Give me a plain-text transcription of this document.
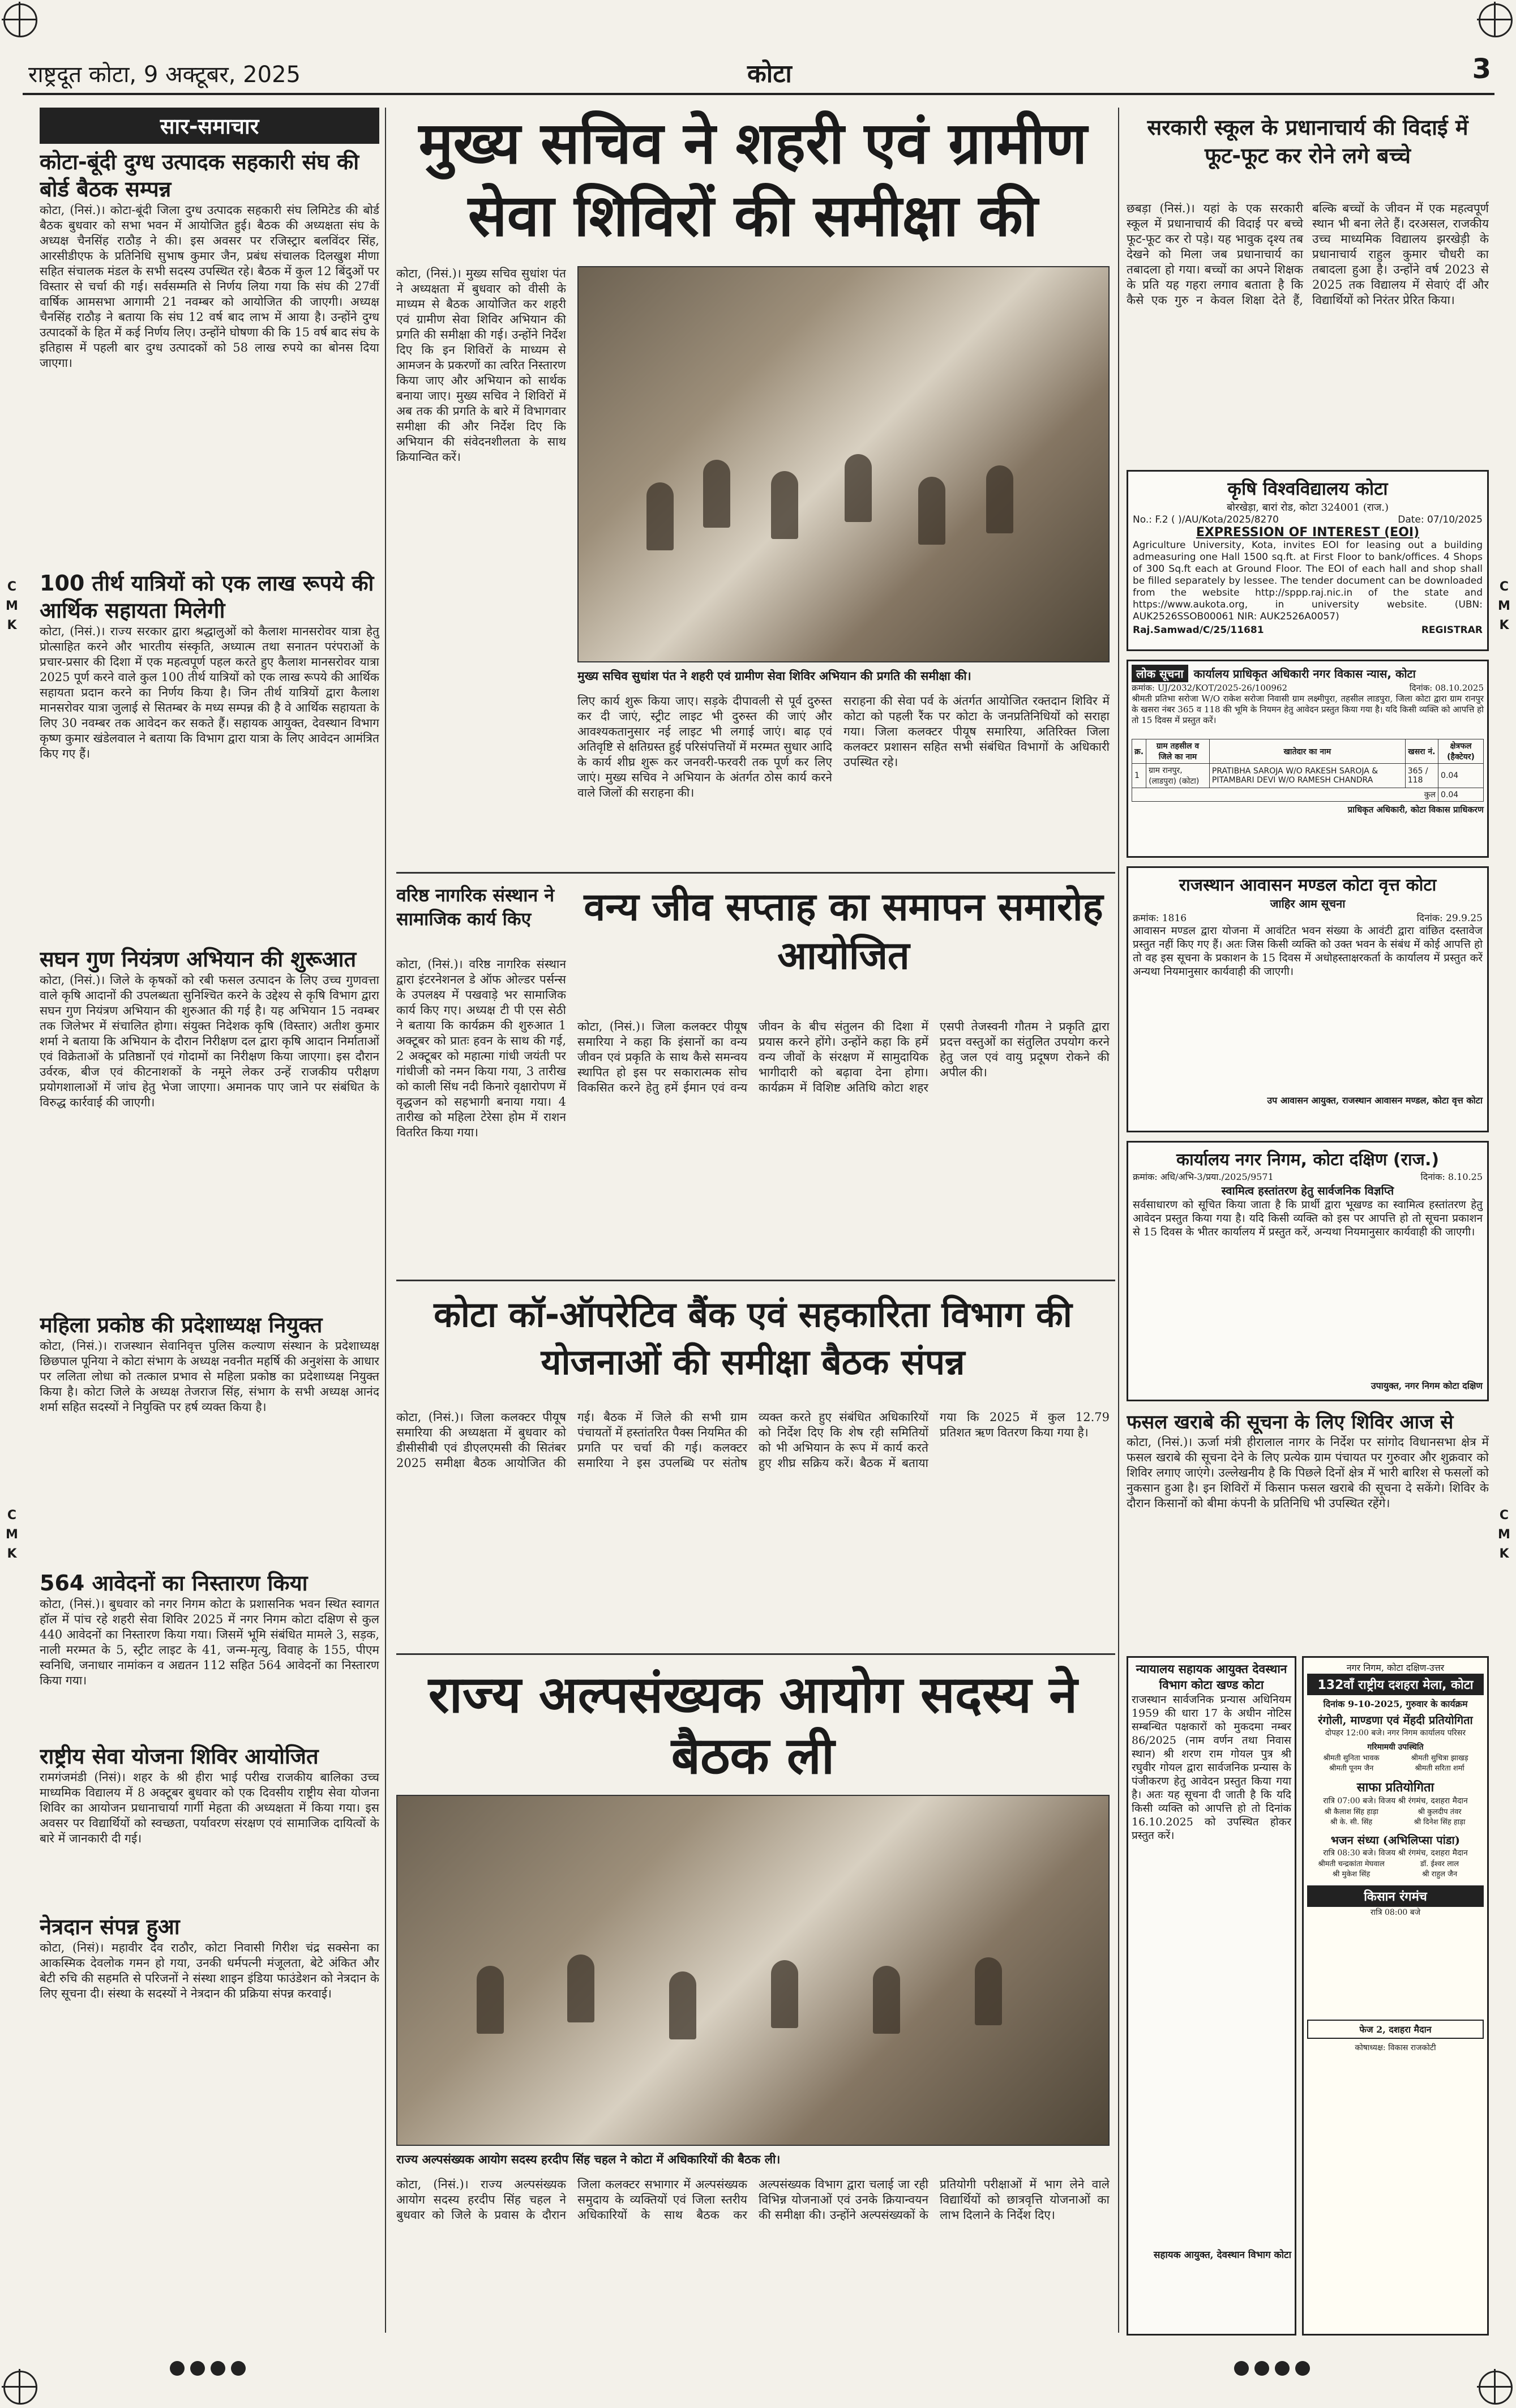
C
M
K
C
M
K
C
M
K
C
M
K
राष्ट्रदूत कोटा, 9 अक्टूबर, 2025	कोटा	3
सार-समाचार
कोटा-बूंदी दुग्ध उत्पादक सहकारी संघ की बोर्ड बैठक सम्पन्न
कोटा, (निसं.)। कोटा-बूंदी जिला दुग्ध उत्पादक सहकारी संघ लिमिटेड की बोर्ड बैठक बुधवार को सभा भवन में आयोजित हुई। बैठक की अध्यक्षता संघ के अध्यक्ष चैनसिंह राठौड़ ने की। इस अवसर पर रजिस्ट्रार बलविंदर सिंह, आरसीडीएफ के प्रतिनिधि सुभाष कुमार जैन, प्रबंध संचालक दिलखुश मीणा सहित संचालक मंडल के सभी सदस्य उपस्थित रहे। बैठक में कुल 12 बिंदुओं पर विस्तार से चर्चा की गई। सर्वसम्मति से निर्णय लिया गया कि संघ की 27वीं वार्षिक आमसभा आगामी 21 नवम्बर को आयोजित की जाएगी। अध्यक्ष चैनसिंह राठौड़ ने बताया कि संघ 12 वर्ष बाद लाभ में आया है। उन्होंने दुग्ध उत्पादकों के हित में कई निर्णय लिए। उन्होंने घोषणा की कि 15 वर्ष बाद संघ के इतिहास में पहली बार दुग्ध उत्पादकों को 58 लाख रुपये का बोनस दिया जाएगा।
100 तीर्थ यात्रियों को एक लाख रूपये की आर्थिक सहायता मिलेगी
कोटा, (निसं.)। राज्य सरकार द्वारा श्रद्धालुओं को कैलाश मानसरोवर यात्रा हेतु प्रोत्साहित करने और भारतीय संस्कृति, अध्यात्म तथा सनातन परंपराओं के प्रचार-प्रसार की दिशा में एक महत्वपूर्ण पहल करते हुए कैलाश मानसरोवर यात्रा 2025 पूर्ण करने वाले कुल 100 तीर्थ यात्रियों को एक लाख रूपये की आर्थिक सहायता प्रदान करने का निर्णय किया है। जिन तीर्थ यात्रियों द्वारा कैलाश मानसरोवर यात्रा जुलाई से सितम्बर के मध्य सम्पन्न की है वे आर्थिक सहायता के लिए 30 नवम्बर तक आवेदन कर सकते हैं। सहायक आयुक्त, देवस्थान विभाग कृष्ण कुमार खंडेलवाल ने बताया कि विभाग द्वारा यात्रा के लिए आवेदन आमंत्रित किए गए हैं।
सघन गुण नियंत्रण अभियान की शुरूआत
कोटा, (निसं.)। जिले के कृषकों को रबी फसल उत्पादन के लिए उच्च गुणवत्ता वाले कृषि आदानों की उपलब्धता सुनिश्चित करने के उद्देश्य से कृषि विभाग द्वारा सघन गुण नियंत्रण अभियान की शुरुआत की गई है। यह अभियान 15 नवम्बर तक जिलेभर में संचालित होगा। संयुक्त निदेशक कृषि (विस्तार) अतीश कुमार शर्मा ने बताया कि अभियान के दौरान निरीक्षण दल द्वारा कृषि आदान निर्माताओं एवं विक्रेताओं के प्रतिष्ठानों एवं गोदामों का निरीक्षण किया जाएगा। इस दौरान उर्वरक, बीज एवं कीटनाशकों के नमूने लेकर उन्हें राजकीय परीक्षण प्रयोगशालाओं में जांच हेतु भेजा जाएगा। अमानक पाए जाने पर संबंधित के विरुद्ध कार्रवाई की जाएगी।
महिला प्रकोष्ठ की प्रदेशाध्यक्ष नियुक्त
कोटा, (निसं.)। राजस्थान सेवानिवृत्त पुलिस कल्याण संस्थान के प्रदेशाध्यक्ष छिछपाल पूनिया ने कोटा संभाग के अध्यक्ष नवनीत महर्षि की अनुशंसा के आधार पर ललिता लोधा को तत्काल प्रभाव से महिला प्रकोष्ठ का प्रदेशाध्यक्ष नियुक्त किया है। कोटा जिले के अध्यक्ष तेजराज सिंह, संभाग के सभी अध्यक्ष आनंद शर्मा सहित सदस्यों ने नियुक्ति पर हर्ष व्यक्त किया है।
564 आवेदनों का निस्तारण किया
कोटा, (निसं.)। बुधवार को नगर निगम कोटा के प्रशासनिक भवन स्थित स्वागत हॉल में पांच रहे शहरी सेवा शिविर 2025 में नगर निगम कोटा दक्षिण से कुल 440 आवेदनों का निस्तारण किया गया। जिसमें भूमि संबंधित मामले 3, सड़क, नाली मरम्मत के 5, स्ट्रीट लाइट के 41, जन्म-मृत्यु, विवाह के 155, पीएम स्वनिधि, जनाधार नामांकन व अद्यतन 112 सहित 564 आवेदनों का निस्तारण किया गया।
राष्ट्रीय सेवा योजना शिविर आयोजित
रामगंजमंडी (निसं)। शहर के श्री हीरा भाई परीख राजकीय बालिका उच्च माध्यमिक विद्यालय में 8 अक्टूबर बुधवार को एक दिवसीय राष्ट्रीय सेवा योजना शिविर का आयोजन प्रधानाचार्या गार्गी मेहता की अध्यक्षता में किया गया। इस अवसर पर विद्यार्थियों को स्वच्छता, पर्यावरण संरक्षण एवं सामाजिक दायित्वों के बारे में जानकारी दी गई।
नेत्रदान संपन्न हुआ
कोटा, (निसं)। महावीर देव राठौर, कोटा निवासी गिरीश चंद्र सक्सेना का आकस्मिक देवलोक गमन हो गया, उनकी धर्मपत्नी मंजूलता, बेटे अंकित और बेटी रुचि की सहमति से परिजनों ने संस्था शाइन इंडिया फाउंडेशन को नेत्रदान के लिए सूचना दी। संस्था के सदस्यों ने नेत्रदान की प्रक्रिया संपन्न करवाई।
मुख्य सचिव ने शहरी एवं ग्रामीण सेवा शिविरों की समीक्षा की
कोटा, (निसं.)। मुख्य सचिव सुधांश पंत ने अध्यक्षता में बुधवार को वीसी के माध्यम से बैठक आयोजित कर शहरी एवं ग्रामीण सेवा शिविर अभियान की प्रगति की समीक्षा की गई। उन्होंने निर्देश दिए कि इन शिविरों के माध्यम से आमजन के प्रकरणों का त्वरित निस्तारण किया जाए और अभियान को सार्थक बनाया जाए। मुख्य सचिव ने शिविरों में अब तक की प्रगति के बारे में विभागवार समीक्षा की और निर्देश दिए कि अभियान की संवेदनशीलता के साथ क्रियान्वित करें।
मुख्य सचिव सुधांश पंत ने शहरी एवं ग्रामीण सेवा शिविर अभियान की प्रगति की समीक्षा की।
लिए कार्य शुरू किया जाए। सड़के दीपावली से पूर्व दुरुस्त कर दी जाएं, स्ट्रीट लाइट भी दुरुस्त की जाएं और आवश्यकतानुसार नई लाइट भी लगाई जाएं। बाढ़ एवं अतिवृष्टि से क्षतिग्रस्त हुई परिसंपत्तियों में मरम्मत सुधार आदि के कार्य शीघ्र शुरू कर जनवरी-फरवरी तक पूर्ण कर लिए जाएं। मुख्य सचिव ने अभियान के अंतर्गत ठोस कार्य करने वाले जिलों की सराहना की।
सराहना की सेवा पर्व के अंतर्गत आयोजित रक्तदान शिविर में कोटा को पहली रैंक पर कोटा के जनप्रतिनिधियों को सराहा गया। जिला कलक्टर पीयूष समारिया, अतिरिक्त जिला कलक्टर प्रशासन सहित सभी संबंधित विभागों के अधिकारी उपस्थित रहे।
वरिष्ठ नागरिक संस्थान ने सामाजिक कार्य किए
कोटा, (निसं.)। वरिष्ठ नागरिक संस्थान द्वारा इंटरनेशनल डे ऑफ ओल्डर पर्सन्स के उपलक्ष्य में पखवाड़े भर सामाजिक कार्य किए गए। अध्यक्ष टी पी एस सेठी ने बताया कि कार्यक्रम की शुरुआत 1 अक्टूबर को प्रातः हवन के साथ की गई, 2 अक्टूबर को महात्मा गांधी जयंती पर गांधीजी को नमन किया गया, 3 तारीख को काली सिंध नदी किनारे वृक्षारोपण में वृद्धजन को सहभागी बनाया गया। 4 तारीख को महिला टेरेसा होम में राशन वितरित किया गया।
वन्य जीव सप्ताह का समापन समारोह आयोजित
कोटा, (निसं.)। जिला कलक्टर पीयूष समारिया ने कहा कि इंसानों का वन्य जीवन एवं प्रकृति के साथ कैसे समन्वय स्थापित हो इस पर सकारात्मक सोच विकसित करने हेतु हमें ईमान एवं वन्य जीवन के बीच संतुलन की दिशा में प्रयास करने होंगे। उन्होंने कहा कि हमें वन्य जीवों के संरक्षण में सामुदायिक भागीदारी को बढ़ावा देना होगा। कार्यक्रम में विशिष्ट अतिथि कोटा शहर एसपी तेजस्वनी गौतम ने प्रकृति द्वारा प्रदत्त वस्तुओं का संतुलित उपयोग करने हेतु जल एवं वायु प्रदूषण रोकने की अपील की।
कोटा कॉ-ऑपरेटिव बैंक एवं सहकारिता विभाग की योजनाओं की समीक्षा बैठक संपन्न
कोटा, (निसं.)। जिला कलक्टर पीयूष समारिया की अध्यक्षता में बुधवार को डीसीसीबी एवं डीएलएमसी की सितंबर 2025 समीक्षा बैठक आयोजित की गई। बैठक में जिले की सभी ग्राम पंचायतों में हस्तांतरित पैक्स नियमित की प्रगति पर चर्चा की गई। कलक्टर समारिया ने इस उपलब्धि पर संतोष व्यक्त करते हुए संबंधित अधिकारियों को निर्देश दिए कि शेष रही समितियों को भी अभियान के रूप में कार्य करते हुए शीघ्र सक्रिय करें। बैठक में बताया गया कि 2025 में कुल 12.79 प्रतिशत ऋण वितरण किया गया है।
राज्य अल्पसंख्यक आयोग सदस्य ने बैठक ली
राज्य अल्पसंख्यक आयोग सदस्य हरदीप सिंह चहल ने कोटा में अधिकारियों की बैठक ली।
कोटा, (निसं.)। राज्य अल्पसंख्यक आयोग सदस्य हरदीप सिंह चहल ने बुधवार को जिले के प्रवास के दौरान जिला कलक्टर सभागार में अल्पसंख्यक समुदाय के व्यक्तियों एवं जिला स्तरीय अधिकारियों के साथ बैठक कर अल्पसंख्यक विभाग द्वारा चलाई जा रही विभिन्न योजनाओं एवं उनके क्रियान्वयन की समीक्षा की। उन्होंने अल्पसंख्यकों के प्रतियोगी परीक्षाओं में भाग लेने वाले विद्यार्थियों को छात्रवृत्ति योजनाओं का लाभ दिलाने के निर्देश दिए।
सरकारी स्कूल के प्रधानाचार्य की विदाई में फूट-फूट कर रोने लगे बच्चे
छबड़ा (निसं.)। यहां के एक सरकारी स्कूल में प्रधानाचार्य की विदाई पर बच्चे फूट-फूट कर रो पड़े। यह भावुक दृश्य तब देखने को मिला जब प्रधानाचार्य का तबादला हो गया। बच्चों का अपने शिक्षक के प्रति यह गहरा लगाव बताता है कि कैसे एक गुरु न केवल शिक्षा देते हैं, बल्कि बच्चों के जीवन में एक महत्वपूर्ण स्थान भी बना लेते हैं। दरअसल, राजकीय उच्च माध्यमिक विद्यालय झरखेड़ी के प्रधानाचार्य राहुल कुमार चौधरी का तबादला हुआ है। उन्होंने वर्ष 2023 से 2025 तक विद्यालय में सेवाएं दीं और विद्यार्थियों को निरंतर प्रेरित किया।
कृषि विश्वविद्यालय कोटा
बोरखेड़ा, बारां रोड, कोटा 324001 (राज.)
No.: F.2 ( )/AU/Kota/2025/8270	Date: 07/10/2025
EXPRESSION OF INTEREST (EOI)
Agriculture University, Kota, invites EOI for leasing out a building admeasuring one Hall 1500 sq.ft. at First Floor to bank/offices. 4 Shops of 300 Sq.ft each at Ground Floor. The EOI of each hall and shop shall be filled separately by lessee. The tender document can be downloaded from the website http://sppp.raj.nic.in of the state and https://www.aukota.org, in university website. (UBN: AUK2526SSOB00061 NIR: AUK2526A0057)
Raj.Samwad/C/25/11681	REGISTRAR
लोक सूचना कार्यालय प्राधिकृत अधिकारी नगर विकास न्यास, कोटा
क्रमांक: UJ/2032/KOT/2025-26/100962	दिनांक: 08.10.2025
श्रीमती प्रतिभा सरोजा W/O राकेश सरोजा निवासी ग्राम लक्ष्मीपुरा, तहसील लाडपुरा, जिला कोटा द्वारा ग्राम रानपुर के खसरा नंबर 365 व 118 की भूमि के नियमन हेतु आवेदन प्रस्तुत किया गया है। यदि किसी व्यक्ति को आपत्ति हो तो 15 दिवस में प्रस्तुत करें।
क्र.	ग्राम तहसील व जिले का नाम	खातेदार का नाम	खसरा नं.	क्षेत्रफल (हैक्टेयर)
1	ग्राम रानपुर, (लाडपुरा) (कोटा)	PRATIBHA SAROJA W/O RAKESH SAROJA & PITAMBARI DEVI W/O RAMESH CHANDRA	365 / 118	0.04
कुल				0.04
प्राधिकृत अधिकारी, कोटा विकास प्राधिकरण
राजस्थान आवासन मण्डल कोटा वृत्त कोटा
जाहिर आम सूचना
क्रमांक: 1816	दिनांक: 29.9.25
आवासन मण्डल द्वारा योजना में आवंटित भवन संख्या के आवंटी द्वारा वांछित दस्तावेज प्रस्तुत नहीं किए गए हैं। अतः जिस किसी व्यक्ति को उक्त भवन के संबंध में कोई आपत्ति हो तो वह इस सूचना के प्रकाशन के 15 दिवस में अधोहस्ताक्षरकर्ता के कार्यालय में प्रस्तुत करें अन्यथा नियमानुसार कार्यवाही की जाएगी।
उप आवासन आयुक्त, राजस्थान आवासन मण्डल, कोटा वृत्त कोटा
कार्यालय नगर निगम, कोटा दक्षिण (राज.)
क्रमांक: अधि/अभि-3/प्रया./2025/9571	दिनांक: 8.10.25
स्वामित्व हस्तांतरण हेतु सार्वजनिक विज्ञप्ति
सर्वसाधारण को सूचित किया जाता है कि प्रार्थी द्वारा भूखण्ड का स्वामित्व हस्तांतरण हेतु आवेदन प्रस्तुत किया गया है। यदि किसी व्यक्ति को इस पर आपत्ति हो तो सूचना प्रकाशन से 15 दिवस के भीतर कार्यालय में प्रस्तुत करें, अन्यथा नियमानुसार कार्यवाही की जाएगी।
उपायुक्त, नगर निगम कोटा दक्षिण
फसल खराबे की सूचना के लिए शिविर आज से
कोटा, (निसं.)। ऊर्जा मंत्री हीरालाल नागर के निर्देश पर सांगोद विधानसभा क्षेत्र में फसल खराबे की सूचना देने के लिए प्रत्येक ग्राम पंचायत पर गुरुवार और शुक्रवार को शिविर लगाए जाएंगे। उल्लेखनीय है कि पिछले दिनों क्षेत्र में भारी बारिश से फसलों को नुकसान हुआ है। इन शिविरों में किसान फसल खराबे की सूचना दे सकेंगे। शिविर के दौरान किसानों को बीमा कंपनी के प्रतिनिधि भी उपस्थित रहेंगे।
न्यायालय सहायक आयुक्त देवस्थान विभाग कोटा खण्ड कोटा
राजस्थान सार्वजनिक प्रन्यास अधिनियम 1959 की धारा 17 के अधीन नोटिस सम्बन्धित पक्षकारों को मुकदमा नम्बर 86/2025 (नाम वर्णन तथा निवास स्थान) श्री शरण राम गोयल पुत्र श्री रघुवीर गोयल द्वारा सार्वजनिक प्रन्यास के पंजीकरण हेतु आवेदन प्रस्तुत किया गया है। अतः यह सूचना दी जाती है कि यदि किसी व्यक्ति को आपत्ति हो तो दिनांक 16.10.2025 को उपस्थित होकर प्रस्तुत करें।
सहायक आयुक्त, देवस्थान विभाग कोटा
नगर निगम, कोटा दक्षिण-उत्तर
132वाँ राष्ट्रीय दशहरा मेला, कोटा
दिनांक 9-10-2025, गुरुवार के कार्यक्रम
रंगोली, माण्डणा एवं मेंहदी प्रतियोगिता
दोपहर 12:00 बजे। नगर निगम कार्यालय परिसर
गरिमामयी उपस्थिति
श्रीमती सुनिता भावक	श्रीमती सुचित्रा झाखड़
श्रीमती पूनम जैन	श्रीमती सरिता शर्मा
साफा प्रतियोगिता
रात्रि 07:00 बजे। विजय श्री रंगमंच, दशहरा मैदान
श्री कैलाश सिंह हाड़ा	श्री कुलदीप तंवर
श्री के. सी. सिंह	श्री दिनेश सिंह हाड़ा
भजन संध्या (अभिलिप्सा पांडा)
रात्रि 08:30 बजे। विजय श्री रंगमंच, दशहरा मैदान
श्रीमती चन्द्रकांता मेघवाल	डॉ. ईश्वर लाल
श्री मुकेश सिंह	श्री राहुल जैन
किसान रंगमंच
रात्रि 08:00 बजे
फेज 2, दशहरा मैदान
कोषाध्यक्ष: विकास राजकोटी
